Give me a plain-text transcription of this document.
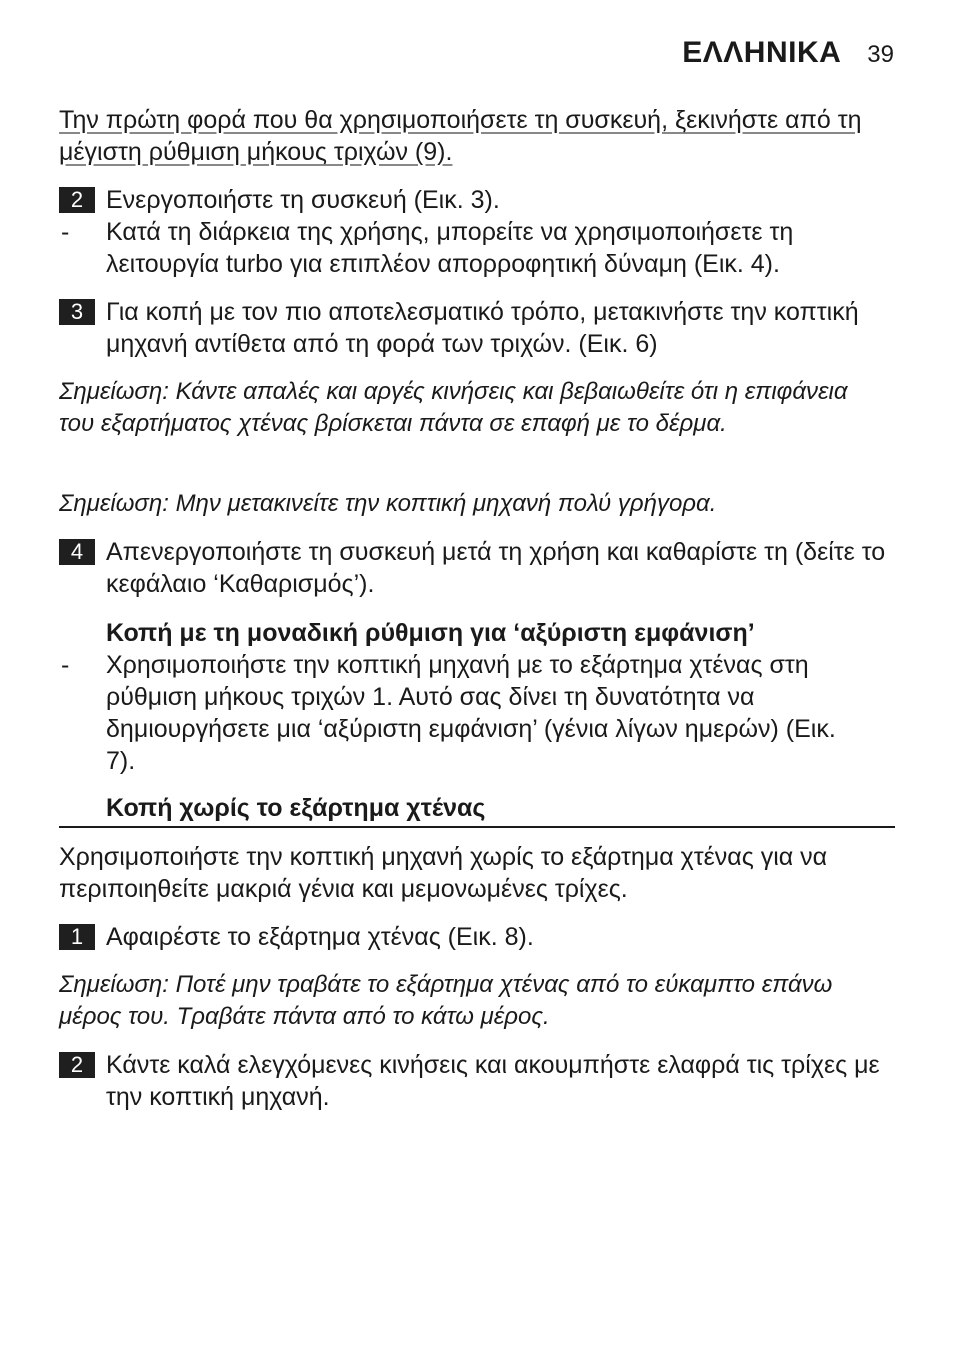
ΕΛΛΗΝΙΚΑ 39
Την πρώτη φορά που θα χρησιμοποιήσετε τη συσκευή, ξεκινήστε από τη μέγιστη ρύθμιση μήκους τριχών (9).
2 Ενεργοποιήστε τη συσκευή (Εικ. 3).
- Κατά τη διάρκεια της χρήσης, μπορείτε να χρησιμοποιήσετε τη λειτουργία turbo για επιπλέον απορροφητική δύναμη (Εικ. 4).
3 Για κοπή με τον πιο αποτελεσματικό τρόπο, μετακινήστε την κοπτική μηχανή αντίθετα από τη φορά των τριχών. (Εικ. 6)
Σημείωση: Κάντε απαλές και αργές κινήσεις και βεβαιωθείτε ότι η επιφάνεια του εξαρτήματος χτένας βρίσκεται πάντα σε επαφή με το δέρμα.
Σημείωση: Μην μετακινείτε την κοπτική μηχανή πολύ γρήγορα.
4 Απενεργοποιήστε τη συσκευή μετά τη χρήση και καθαρίστε τη (δείτε το κεφάλαιο ‘Καθαρισμός’).
Κοπή με τη μοναδική ρύθμιση για ‘αξύριστη εμφάνιση’
- Χρησιμοποιήστε την κοπτική μηχανή με το εξάρτημα χτένας στη ρύθμιση μήκους τριχών 1. Αυτό σας δίνει τη δυνατότητα να δημιουργήσετε μια ‘αξύριστη εμφάνιση’ (γένια λίγων ημερών) (Εικ. 7).
Κοπή χωρίς το εξάρτημα χτένας
Χρησιμοποιήστε την κοπτική μηχανή χωρίς το εξάρτημα χτένας για να περιποιηθείτε μακριά γένια και μεμονωμένες τρίχες.
1 Αφαιρέστε το εξάρτημα χτένας (Εικ. 8).
Σημείωση: Ποτέ μην τραβάτε το εξάρτημα χτένας από το εύκαμπτο επάνω μέρος του. Τραβάτε πάντα από το κάτω μέρος.
2 Κάντε καλά ελεγχόμενες κινήσεις και ακουμπήστε ελαφρά τις τρίχες με την κοπτική μηχανή.
